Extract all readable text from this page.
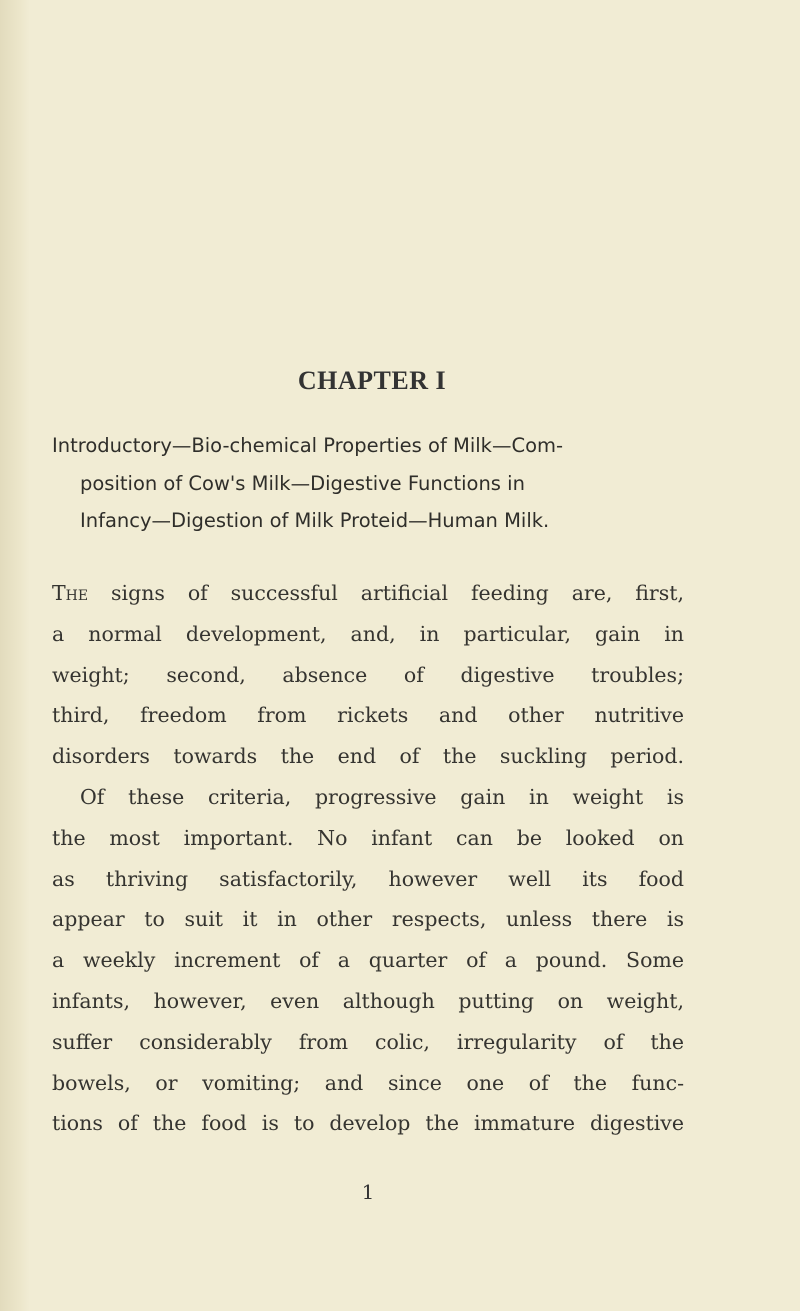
CHAPTER I
Introductory—Bio-chemical Properties of Milk—Com-
position of Cow's Milk—Digestive Functions in
Infancy—Digestion of Milk Proteid—Human Milk.
The signs of successful artificial feeding are, first,
a normal development, and, in particular, gain in
weight; second, absence of digestive troubles;
third, freedom from rickets and other nutritive
disorders towards the end of the suckling period.
Of these criteria, progressive gain in weight is
the most important. No infant can be looked on
as thriving satisfactorily, however well its food
appear to suit it in other respects, unless there is
a weekly increment of a quarter of a pound. Some
infants, however, even although putting on weight,
suffer considerably from colic, irregularity of the
bowels, or vomiting; and since one of the func-
tions of the food is to develop the immature digestive
1
